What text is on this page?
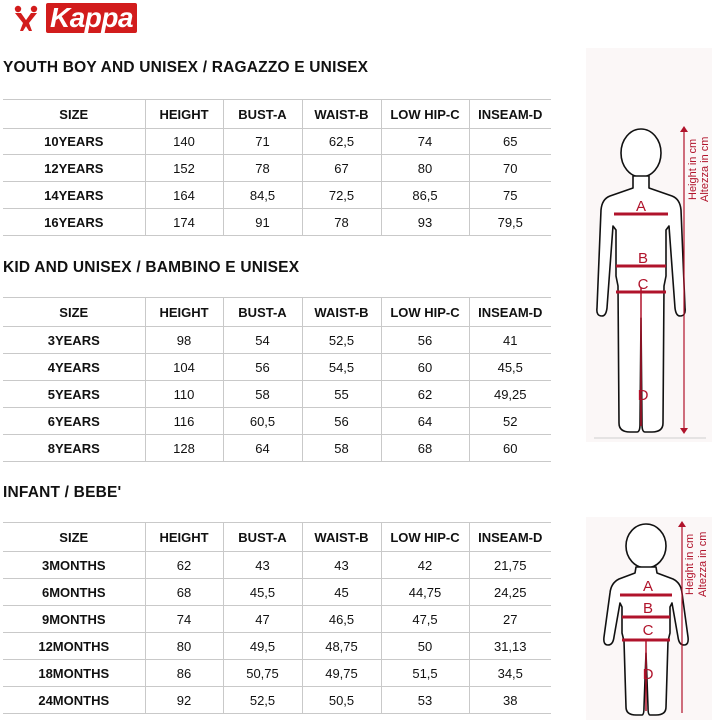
Kappa
YOUTH BOY AND UNISEX / RAGAZZO E UNISEX
SIZE	HEIGHT	BUST-A	WAIST-B	LOW HIP-C	INSEAM-D
10YEARS	140	71	62,5	74	65
12YEARS	152	78	67	80	70
14YEARS	164	84,5	72,5	86,5	75
16YEARS	174	91	78	93	79,5
KID AND UNISEX / BAMBINO E UNISEX
SIZE	HEIGHT	BUST-A	WAIST-B	LOW HIP-C	INSEAM-D
3YEARS	98	54	52,5	56	41
4YEARS	104	56	54,5	60	45,5
5YEARS	110	58	55	62	49,25
6YEARS	116	60,5	56	64	52
8YEARS	128	64	58	68	60
INFANT / BEBE'
SIZE	HEIGHT	BUST-A	WAIST-B	LOW HIP-C	INSEAM-D
3MONTHS	62	43	43	42	21,75
6MONTHS	68	45,5	45	44,75	24,25
9MONTHS	74	47	46,5	47,5	27
12MONTHS	80	49,5	48,75	50	31,13
18MONTHS	86	50,75	49,75	51,5	34,5
24MONTHS	92	52,5	50,5	53	38
A
B
C
D
Height in cm Altezza in cm
A
B
C
D
Height in cm Altezza in cm
